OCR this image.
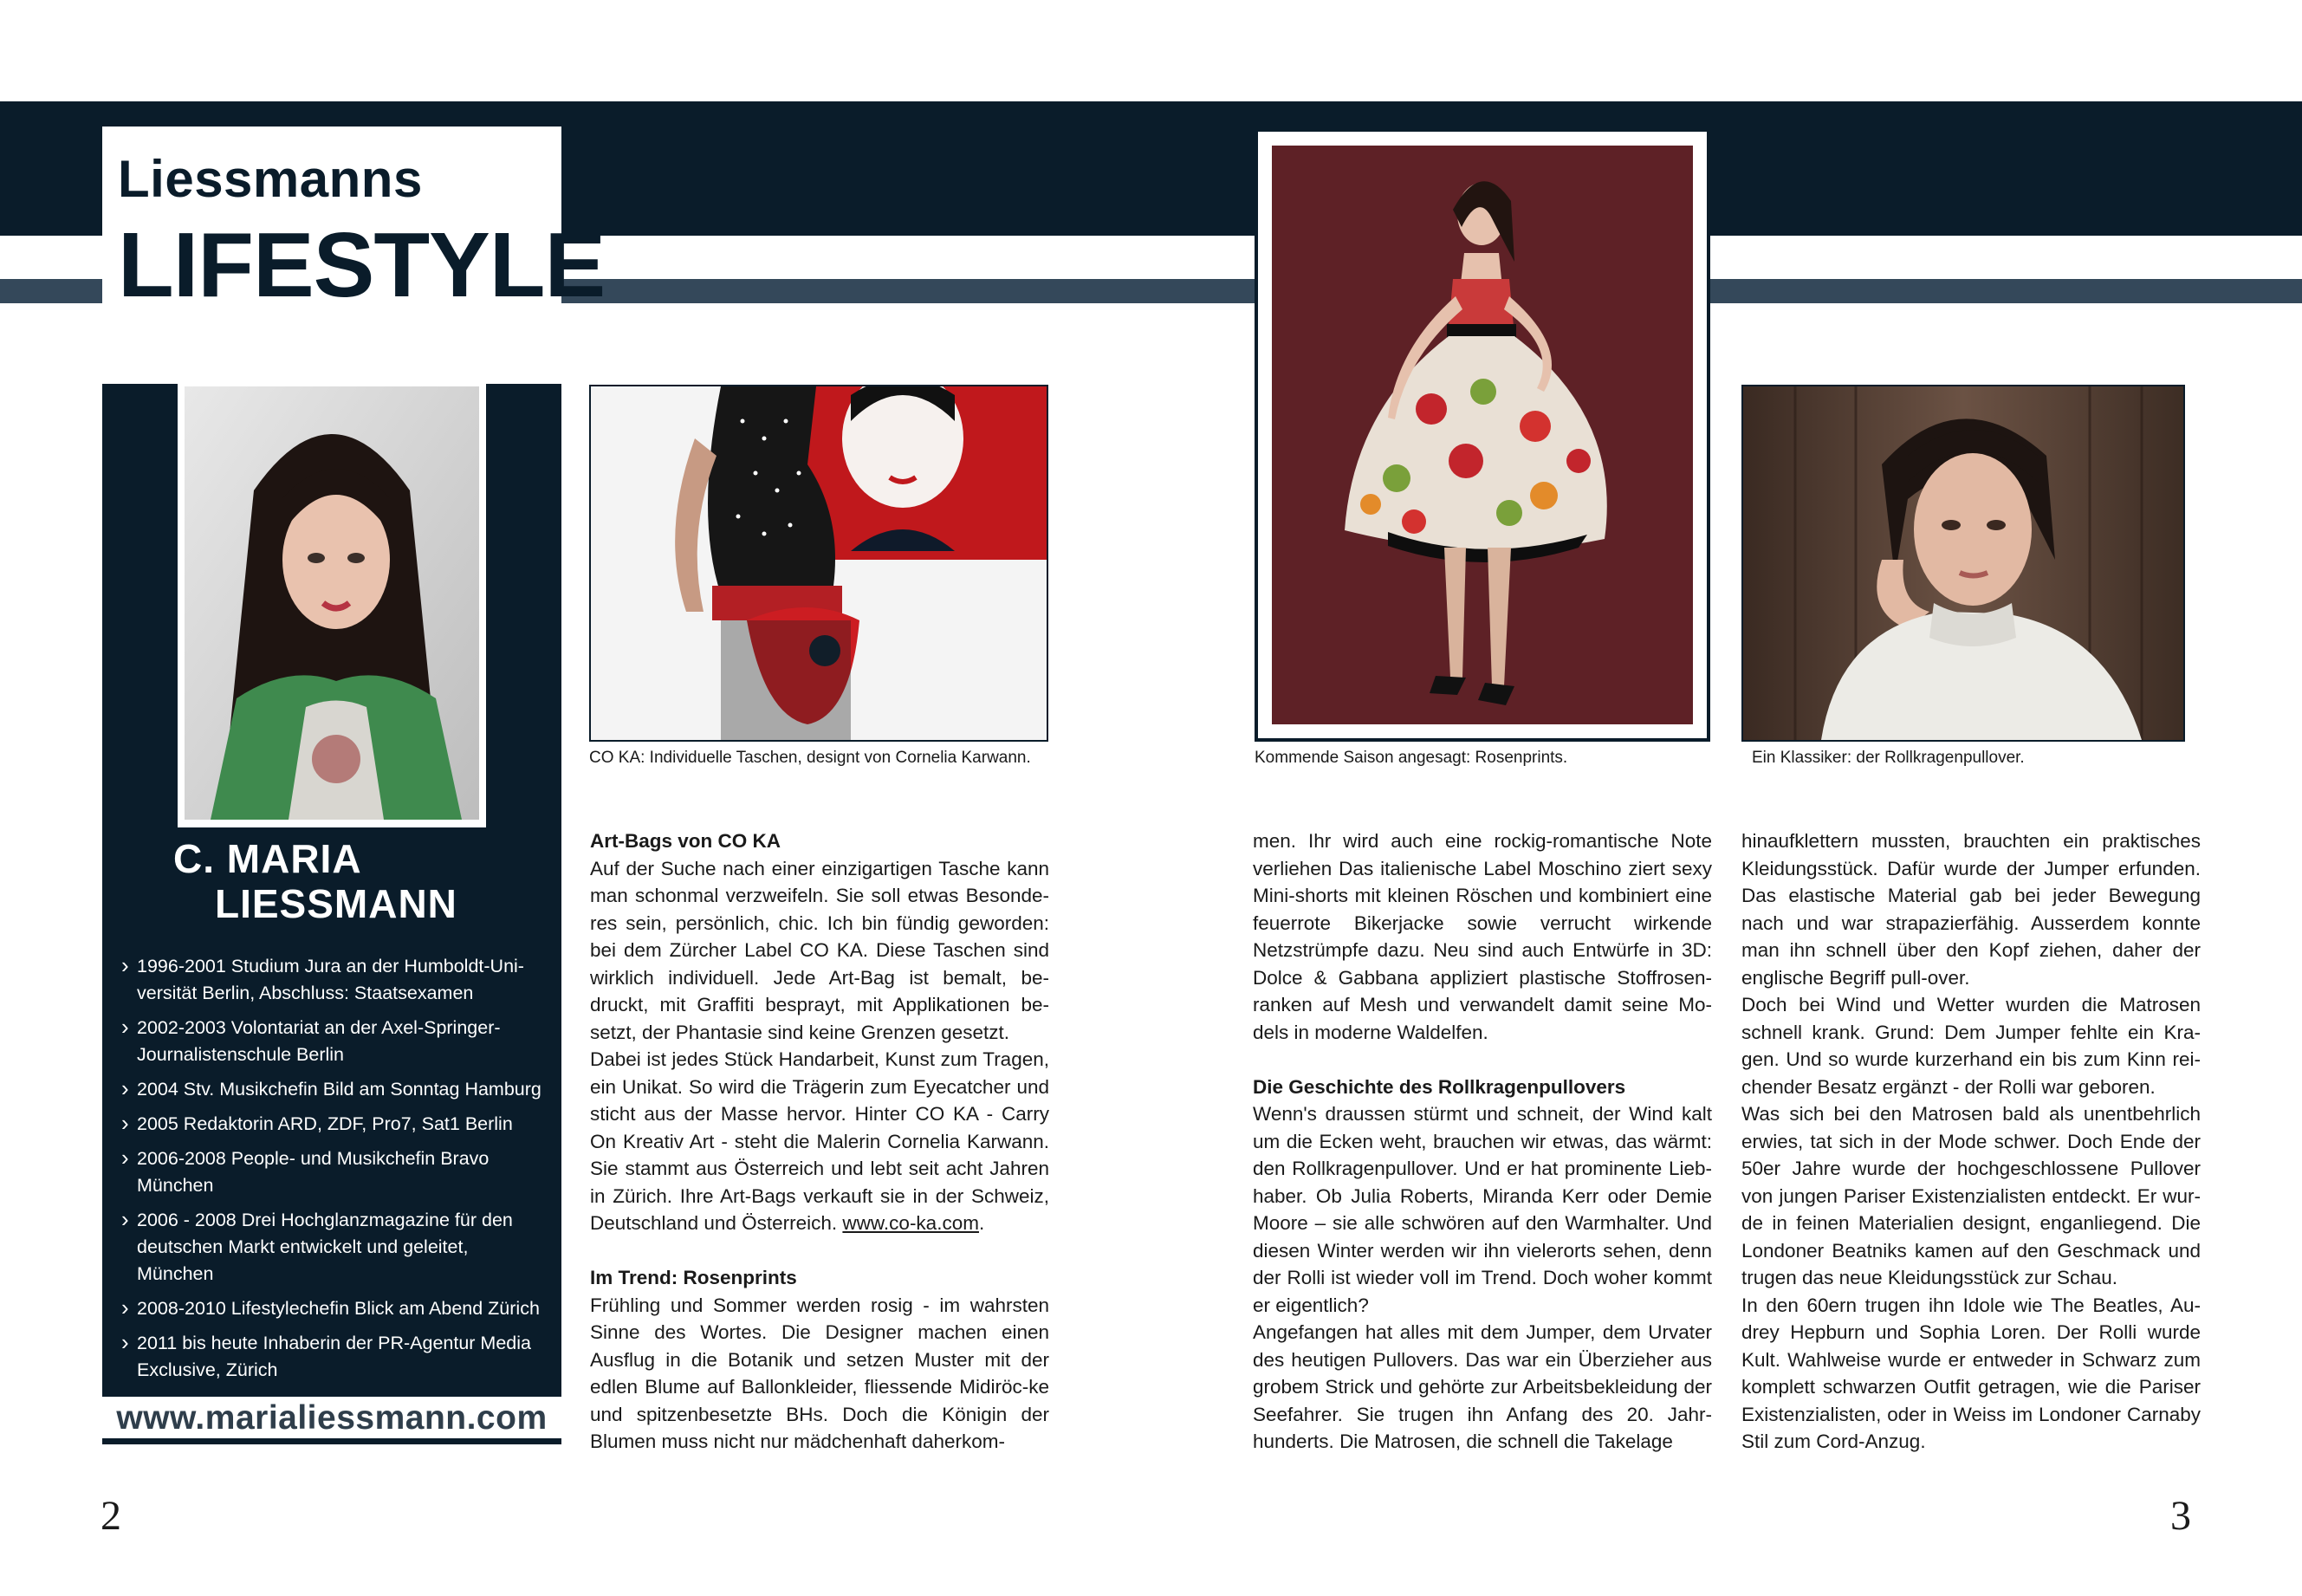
Liessmanns
LIFESTYLE
C. MARIA
LIESSMANN
› 1996-2001 Studium Jura an der Humboldt-Uni-versität Berlin, Abschluss: Staatsexamen
› 2002-2003 Volontariat an der Axel-Springer-Journalistenschule Berlin
› 2004 Stv. Musikchefin Bild am Sonntag Hamburg
› 2005 Redaktorin ARD, ZDF, Pro7, Sat1 Berlin
› 2006-2008 People- und Musikchefin Bravo München
› 2006 - 2008 Drei Hochglanzmagazine für den deutschen Markt entwickelt und geleitet, München
› 2008-2010 Lifestylechefin Blick am Abend Zürich
› 2011 bis heute Inhaberin der PR-Agentur Media Exclusive, Zürich
www.marialiessmann.com
CO KA: Individuelle Taschen, designt von Cornelia Karwann.	Kommende Saison angesagt: Rosenprints.	Ein Klassiker: der Rollkragenpullover.

Art-Bags von CO KA

Auf der Suche nach einer einzigartigen Tasche kann man schonmal verzweifeln. Sie soll etwas Besonde-res sein, persönlich, chic. Ich bin fündig geworden: bei dem Zürcher Label CO KA. Diese Taschen sind wirklich individuell. Jede Art-Bag ist bemalt, be-druckt, mit Graffiti besprayt, mit Applikationen be-setzt, der Phantasie sind keine Grenzen gesetzt.

Dabei ist jedes Stück Handarbeit, Kunst zum Tragen, ein Unikat. So wird die Trägerin zum Eyecatcher und sticht aus der Masse hervor. Hinter CO KA - Carry On Kreativ Art - steht die Malerin Cornelia Karwann. Sie stammt aus Österreich und lebt seit acht Jahren in Zürich. Ihre Art-Bags verkauft sie in der Schweiz, Deutschland und Österreich. www.co-ka.com.

Im Trend: Rosenprints

Frühling und Sommer werden rosig - im wahrsten Sinne des Wortes. Die Designer machen einen Ausflug in die Botanik und setzen Muster mit der edlen Blume auf Ballonkleider, fliessende Midiröc-ke und spitzenbesetzte BHs. Doch die Königin der Blumen muss nicht nur mädchenhaft daherkom-

men. Ihr wird auch eine rockig-romantische Note verliehen Das italienische Label Moschino ziert sexy Mini-shorts mit kleinen Röschen und kombiniert eine feuerrote Bikerjacke sowie verrucht wirkende Netzstrümpfe dazu. Neu sind auch Entwürfe in 3D: Dolce & Gabbana appliziert plastische Stoffrosen-ranken auf Mesh und verwandelt damit seine Mo-dels in moderne Waldelfen.

Die Geschichte des Rollkragenpullovers

Wenn's draussen stürmt und schneit, der Wind kalt um die Ecken weht, brauchen wir etwas, das wärmt: den Rollkragenpullover. Und er hat prominente Lieb-haber. Ob Julia Roberts, Miranda Kerr oder Demie Moore – sie alle schwören auf den Warmhalter. Und diesen Winter werden wir ihn vielerorts sehen, denn der Rolli ist wieder voll im Trend. Doch woher kommt er eigentlich?

Angefangen hat alles mit dem Jumper, dem Urvater des heutigen Pullovers. Das war ein Überzieher aus grobem Strick und gehörte zur Arbeitsbekleidung der Seefahrer. Sie trugen ihn Anfang des 20. Jahr-hunderts. Die Matrosen, die schnell die Takelage

hinaufklettern mussten, brauchten ein praktisches Kleidungsstück. Dafür wurde der Jumper erfunden. Das elastische Material gab bei jeder Bewegung nach und war strapazierfähig. Ausserdem konnte man ihn schnell über den Kopf ziehen, daher der englische Begriff pull-over.

Doch bei Wind und Wetter wurden die Matrosen schnell krank. Grund: Dem Jumper fehlte ein Kra-gen. Und so wurde kurzerhand ein bis zum Kinn rei-chender Besatz ergänzt - der Rolli war geboren.

Was sich bei den Matrosen bald als unentbehrlich erwies, tat sich in der Mode schwer. Doch Ende der 50er Jahre wurde der hochgeschlossene Pullover von jungen Pariser Existenzialisten entdeckt. Er wur-de in feinen Materialien designt, enganliegend. Die Londoner Beatniks kamen auf den Geschmack und trugen das neue Kleidungsstück zur Schau.

In den 60ern trugen ihn Idole wie The Beatles, Au-drey Hepburn und Sophia Loren. Der Rolli wurde Kult. Wahlweise wurde er entweder in Schwarz zum komplett schwarzen Outfit getragen, wie die Pariser Existenzialisten, oder in Weiss im Londoner Carnaby Stil zum Cord-Anzug.

2	3
